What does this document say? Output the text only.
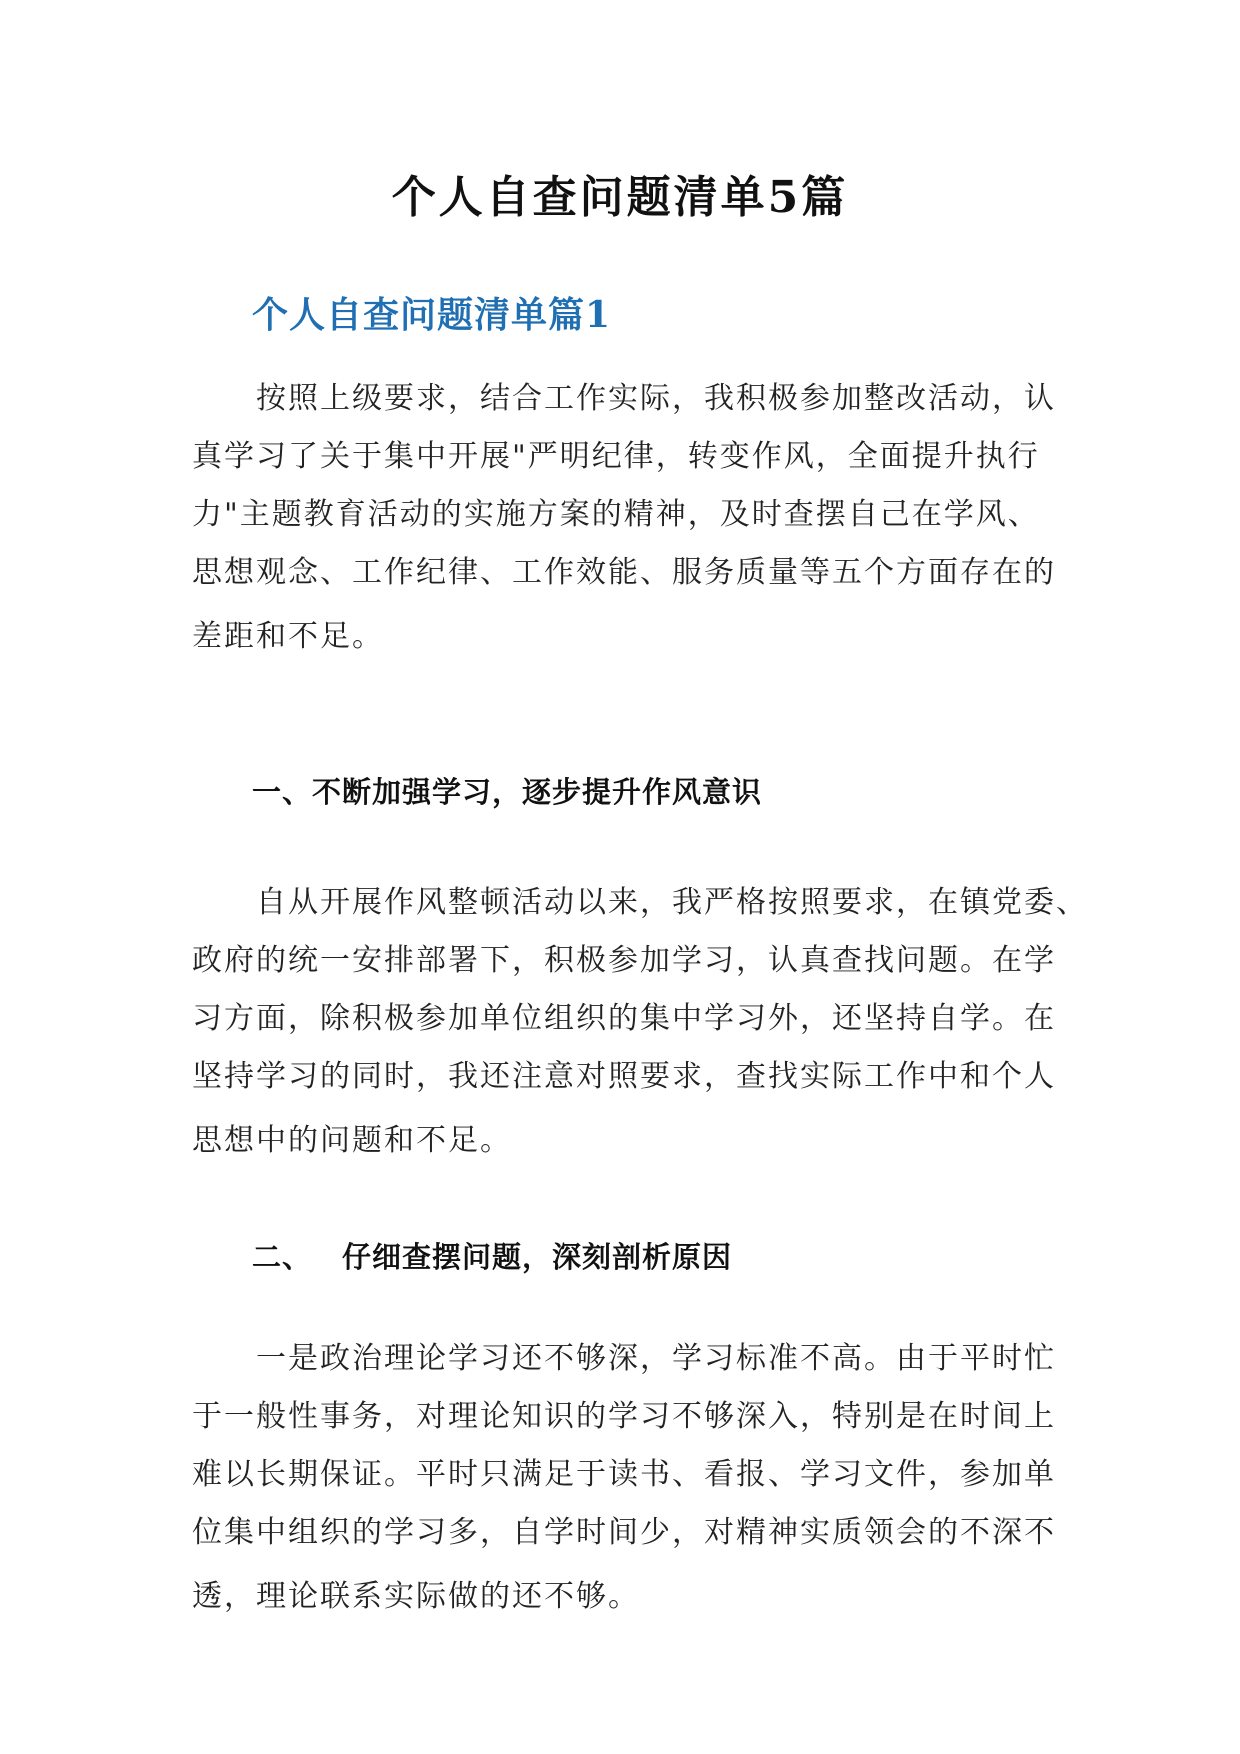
个人自查问题清单5篇
个人自查问题清单篇1
按照上级要求，结合工作实际，我积极参加整改活动，认
真学习了关于集中开展"严明纪律，转变作风，全面提升执行
力"主题教育活动的实施方案的精神，及时查摆自己在学风、
思想观念、工作纪律、工作效能、服务质量等五个方面存在的
差距和不足。
一、不断加强学习，逐步提升作风意识
自从开展作风整顿活动以来，我严格按照要求，在镇党委、
政府的统一安排部署下，积极参加学习，认真查找问题。在学
习方面，除积极参加单位组织的集中学习外，还坚持自学。在
坚持学习的同时，我还注意对照要求，查找实际工作中和个人
思想中的问题和不足。
二、 仔细查摆问题，深刻剖析原因
一是政治理论学习还不够深，学习标准不高。由于平时忙
于一般性事务，对理论知识的学习不够深入，特别是在时间上
难以长期保证。平时只满足于读书、看报、学习文件，参加单
位集中组织的学习多，自学时间少，对精神实质领会的不深不
透，理论联系实际做的还不够。
